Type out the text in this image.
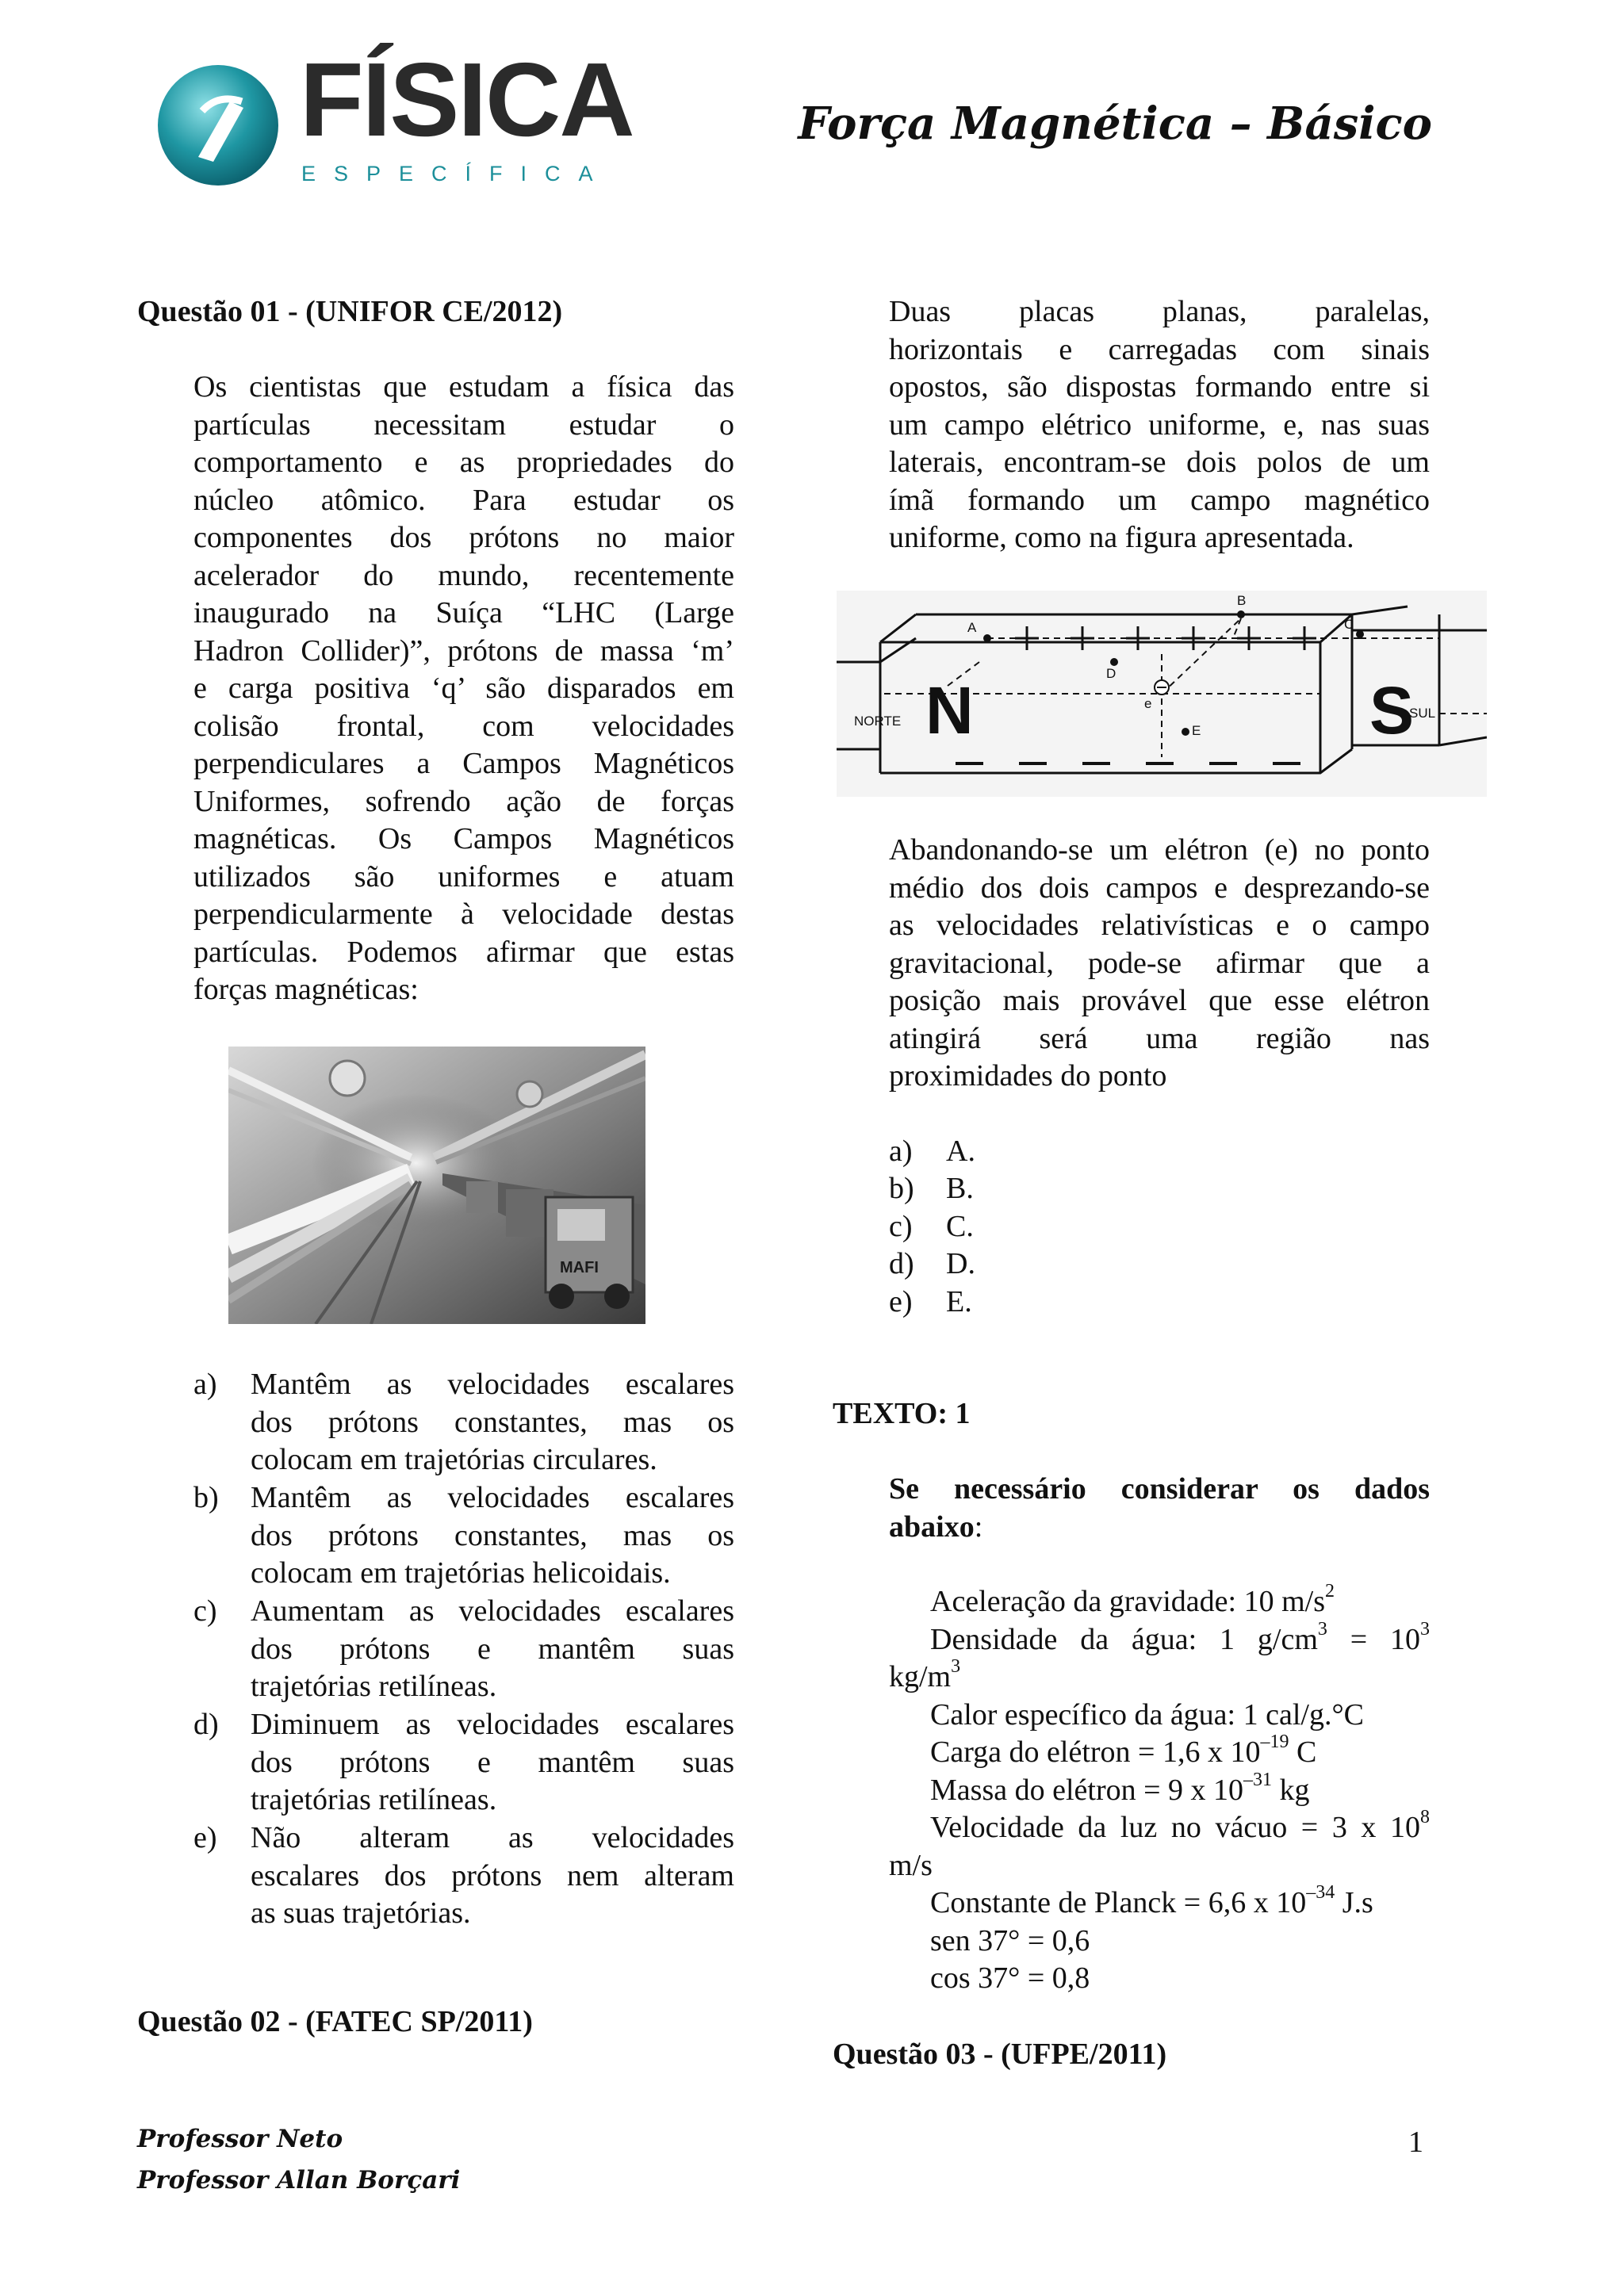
FÍSICA
ESPECÍFICA
Força Magnética – Básico
Questão 01 - (UNIFOR CE/2012)
Os cientistas que estudam a física das
partículas necessitam estudar o
comportamento e as propriedades do
núcleo atômico. Para estudar os
componentes dos prótons no maior
acelerador do mundo, recentemente
inaugurado na Suíça “LHC (Large
Hadron Collider)”, prótons de massa ‘m’
e carga positiva ‘q’ são disparados em
colisão frontal, com velocidades
perpendiculares a Campos Magnéticos
Uniformes, sofrendo ação de forças
magnéticas. Os Campos Magnéticos
utilizados são uniformes e atuam
perpendicularmente à velocidade destas
partículas. Podemos afirmar que estas
forças magnéticas:
MAFI
a) Mantêm as velocidades escalares
dos prótons constantes, mas os
colocam em trajetórias circulares.
b) Mantêm as velocidades escalares
dos prótons constantes, mas os
colocam em trajetórias helicoidais.
c) Aumentam as velocidades escalares
dos prótons e mantêm suas
trajetórias retilíneas.
d) Diminuem as velocidades escalares
dos prótons e mantêm suas
trajetórias retilíneas.
e) Não alteram as velocidades
escalares dos prótons nem alteram
as suas trajetórias.
Questão 02 - (FATEC SP/2011)
Duas placas planas, paralelas,
horizontais e carregadas com sinais
opostos, são dispostas formando entre si
um campo elétrico uniforme, e, nas suas
laterais, encontram-se dois polos de um
ímã formando um campo magnético
uniforme, como na figura apresentada.
A
B
C
D
E
e
NORTE N	S
SUL
Abandonando-se um elétron (e) no ponto
médio dos dois campos e desprezando-se
as velocidades relativísticas e o campo
gravitacional, pode-se afirmar que a
posição mais provável que esse elétron
atingirá será uma região nas
proximidades do ponto
a) A.
b) B.
c) C.
d) D.
e) E.
TEXTO: 1
Se necessário considerar os dados
abaixo:
Aceleração da gravidade: 10 $m/s^2$
Densidade da água: 1 $g/cm^3 = 10^3$
$kg/m^3$
Calor específico da água: 1 cal/g.°C
Carga do elétron = 1,6 x $10^{-19}$ C
Massa do elétron = 9 x $10^{-31}$ kg
Velocidade da luz no vácuo = 3 x $10^8$
m/s
Constante de Planck = 6,6 x $10^{-34}$ J.s
sen 37° = 0,6
cos 37° = 0,8
Questão 03 - (UFPE/2011)
Professor Neto
Professor Allan Borçari
1
